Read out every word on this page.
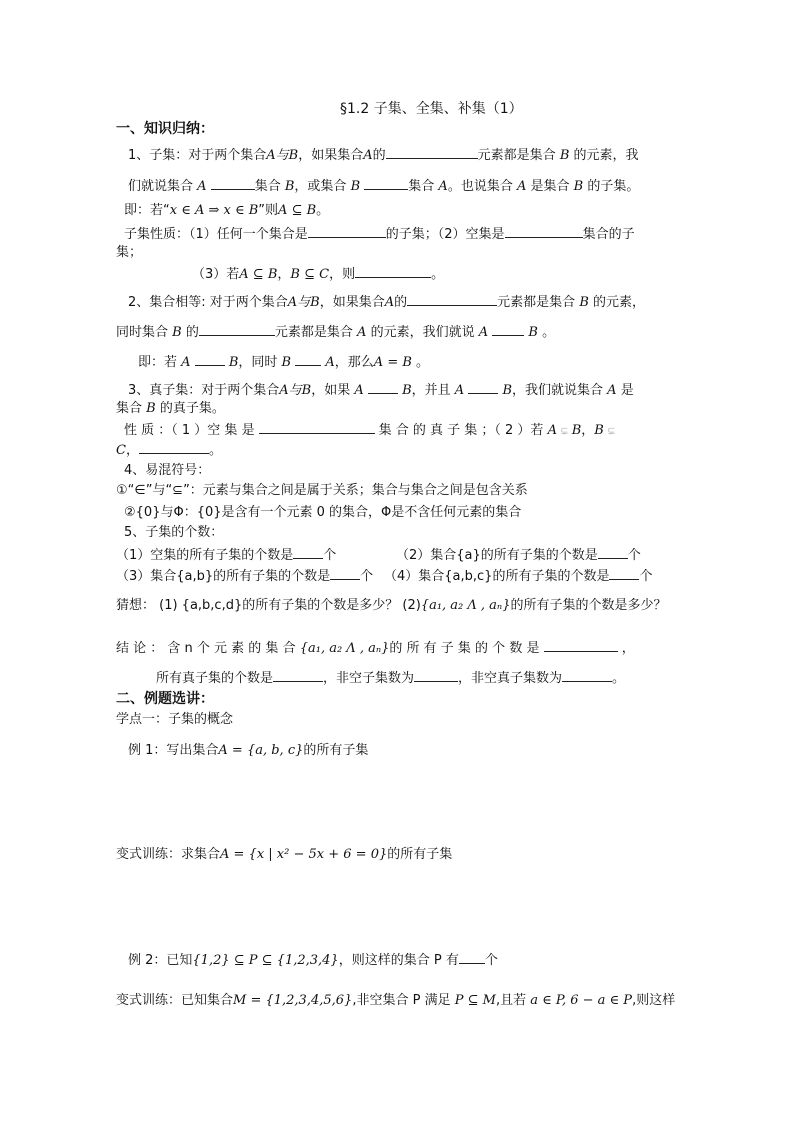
§1.2 子集、全集、补集（1）
一、知识归纳：
1、子集：对于两个集合A与B，如果集合A的	元素都是集合 B 的元素，我
们就说集合 A	集合 B，或集合 B	集合 A。也说集合 A 是集合 B 的子集。
即：若“x ∈ A ⇒ x ∈ B”则A ⊆ B。
子集性质：（1）任何一个集合是	的子集；（2）空集是	集合的子
集；
（3）若A ⊆ B，B ⊆ C，则	。
2、集合相等: 对于两个集合A与B，如果集合A的	元素都是集合 B 的元素，
同时集合 B 的	元素都是集合 A 的元素，我们就说 A	B 。
即：若 A	B，同时 B	A，那么A = B 。
3、真子集：对于两个集合A与B，如果 A	B，并且 A	B，我们就说集合 A 是
集合 B 的真子集。
性 质 ：（ 1 ）空 集 是	集 合 的 真 子 集 ；（ 2 ）若 A ⊊ B，B ⊊
C，	。
4、易混符号：
①“∈”与“⊆”：元素与集合之间是属于关系；集合与集合之间是包含关系
②{0}与Φ：{0}是含有一个元素 0 的集合，Φ是不含任何元素的集合
5、子集的个数：
（1）空集的所有子集的个数是 个	（2）集合{a}的所有子集的个数是 个
（3）集合{a,b}的所有子集的个数是 个 （4）集合{a,b,c}的所有子集的个数是 个
猜想： (1) {a,b,c,d}的所有子集的个数是多少？ (2){a₁, a₂ Λ , aₙ}的所有子集的个数是多少？
结 论 ： 含 n 个 元 素 的 集 合 {a₁, a₂ Λ , aₙ}的 所 有 子 集 的 个 数 是	，
所有真子集的个数是	，非空子集数为	，非空真子集数为	。
二、例题选讲：
学点一：子集的概念
例 1：写出集合A = {a, b, c}的所有子集
变式训练：求集合A = {x | x² − 5x + 6 = 0}的所有子集
例 2：已知{1,2} ⊆ P ⊆ {1,2,3,4}，则这样的集合 P 有 个
变式训练：已知集合M = {1,2,3,4,5,6},非空集合 P 满足 P ⊆ M,且若 a ∈ P, 6 − a ∈ P,则这样
